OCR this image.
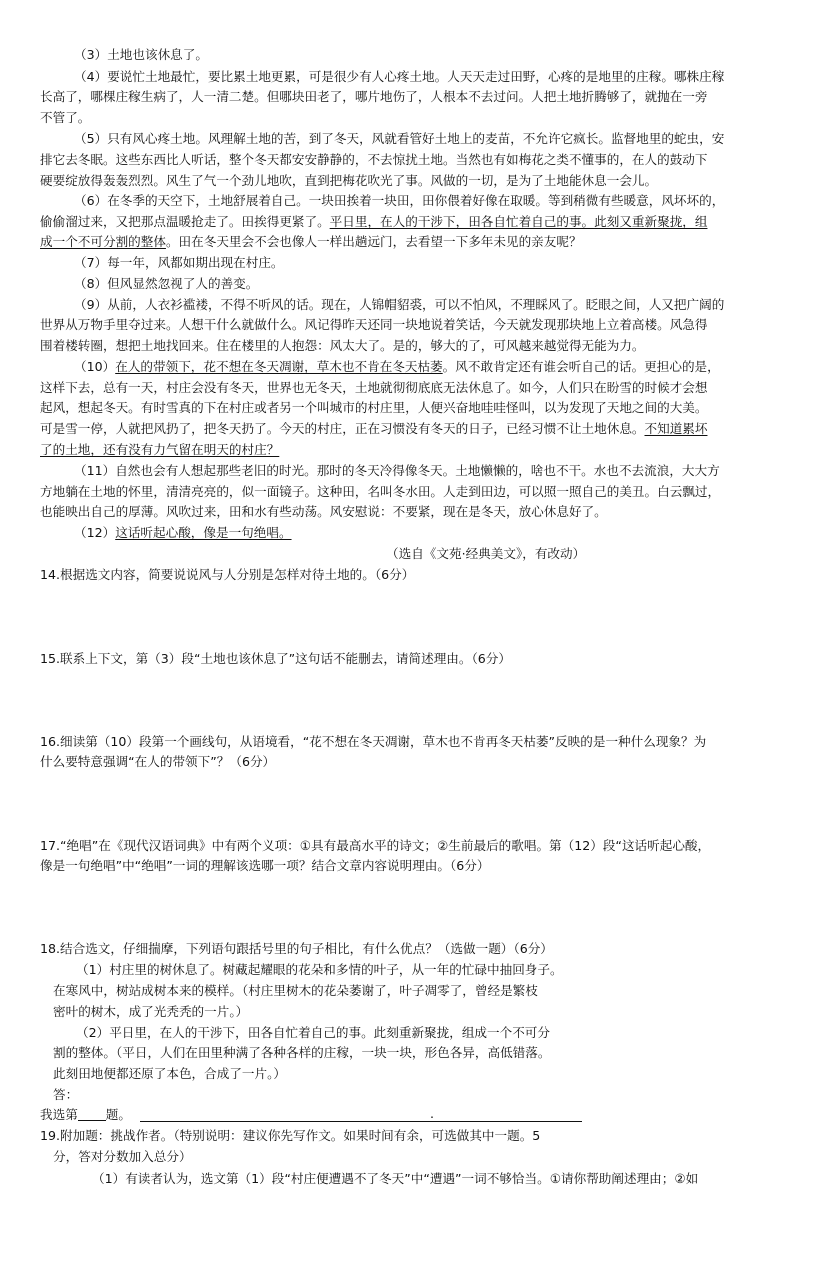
（3）土地也该休息了。
（4）要说忙土地最忙，要比累土地更累，可是很少有人心疼土地。人天天走过田野，心疼的是地里的庄稼。哪株庄稼
长高了，哪棵庄稼生病了，人一清二楚。但哪块田老了，哪片地伤了，人根本不去过问。人把土地折腾够了，就抛在一旁
不管了。
（5）只有风心疼土地。风理解土地的苦，到了冬天，风就看管好土地上的麦苗，不允许它疯长。监督地里的蛇虫，安
排它去冬眠。这些东西比人听话，整个冬天都安安静静的，不去惊扰土地。当然也有如梅花之类不懂事的，在人的鼓动下
硬要绽放得轰轰烈烈。风生了气一个劲儿地吹，直到把梅花吹光了事。风做的一切，是为了土地能休息一会儿。
（6）在冬季的天空下，土地舒展着自己。一块田挨着一块田，田你偎着好像在取暖。等到稍微有些暖意，风坏坏的，
偷偷溜过来，又把那点温暖抢走了。田挨得更紧了。平日里，在人的干涉下，田各自忙着自己的事。此刻又重新聚拢，组
成一个不可分割的整体。田在冬天里会不会也像人一样出趟远门，去看望一下多年未见的亲友呢？
（7）每一年，风都如期出现在村庄。
（8）但风显然忽视了人的善变。
（9）从前，人衣衫褴褛，不得不听风的话。现在，人锦帽貂裘，可以不怕风，不理睬风了。眨眼之间，人又把广阔的
世界从万物手里夺过来。人想干什么就做什么。风记得昨天还同一块地说着笑话，今天就发现那块地上立着高楼。风急得
围着楼转圈，想把土地找回来。住在楼里的人抱怨：风太大了。是的，够大的了，可风越来越觉得无能为力。
（10）在人的带领下，花不想在冬天凋谢，草木也不肯在冬天枯萎。风不敢肯定还有谁会听自己的话。更担心的是，
这样下去，总有一天，村庄会没有冬天，世界也无冬天，土地就彻彻底底无法休息了。如今，人们只在盼雪的时候才会想
起风，想起冬天。有时雪真的下在村庄或者另一个叫城市的村庄里，人便兴奋地哇哇怪叫，以为发现了天地之间的大美。
可是雪一停，人就把风扔了，把冬天扔了。今天的村庄，正在习惯没有冬天的日子，已经习惯不让土地休息。不知道累坏
了的土地，还有没有力气留在明天的村庄？
（11）自然也会有人想起那些老旧的时光。那时的冬天冷得像冬天。土地懒懒的，啥也不干。水也不去流浪，大大方
方地躺在土地的怀里，清清亮亮的，似一面镜子。这种田，名叫冬水田。人走到田边，可以照一照自己的美丑。白云飘过，
也能映出自己的厚薄。风吹过来，田和水有些动荡。风安慰说：不要紧，现在是冬天，放心休息好了。
（12）这话听起心酸，像是一句绝唱。
（选自《文苑·经典美文》，有改动）
14.根据选文内容，简要说说风与人分别是怎样对待土地的。（6分）
15.联系上下文，第（3）段“土地也该休息了”这句话不能删去，请简述理由。（6分）
16.细读第（10）段第一个画线句，从语境看，“花不想在冬天凋谢，草木也不肯再冬天枯萎”反映的是一种什么现象？为
什么要特意强调“在人的带领下”？（6分）
17.“绝唱”在《现代汉语词典》中有两个义项：①具有最高水平的诗文；②生前最后的歌唱。第（12）段“这话听起心酸，
像是一句绝唱”中“绝唱”一词的理解该选哪一项？结合文章内容说明理由。（6分）
18.结合选文，仔细揣摩，下列语句跟括号里的句子相比，有什么优点？（选做一题）（6分）
（1）村庄里的树休息了。树藏起耀眼的花朵和多情的叶子，从一年的忙碌中抽回身子。
在寒风中，树站成树本来的模样。（村庄里树木的花朵萎谢了，叶子凋零了，曾经是繁枝
密叶的树木，成了光秃秃的一片。）
（2）平日里，在人的干涉下，田各自忙着自己的事。此刻重新聚拢，组成一个不可分
割的整体。（平日，人们在田里种满了各种各样的庄稼，一块一块，形色各异，高低错落。
此刻田地便都还原了本色，合成了一片。）
答：
我选第 题。	.
19.附加题：挑战作者。（特别说明：建议你先写作文。如果时间有余，可选做其中一题。5
分，答对分数加入总分）
（1）有读者认为，选文第（1）段“村庄便遭遇不了冬天”中“遭遇”一词不够恰当。①请你帮助阐述理由；②如
